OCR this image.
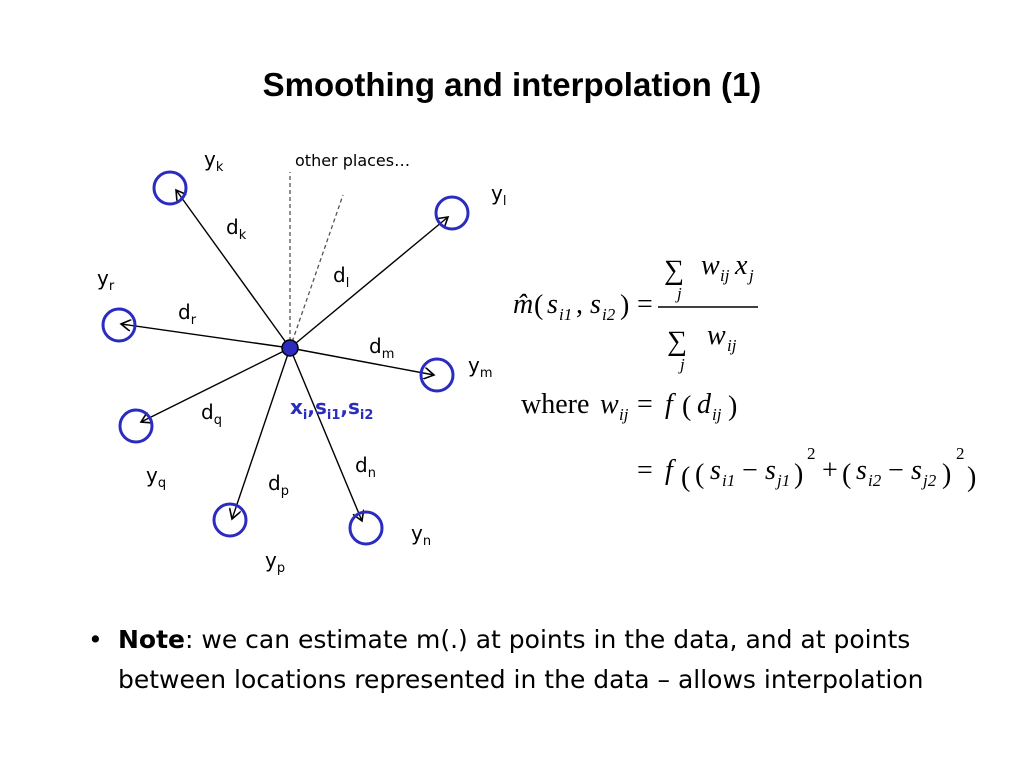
Smoothing and interpolation (1)
other places…
$y_k$
$y_l$
$y_r$
$y_m$
$y_q$
$y_n$
$y_p$
$d_k$
$d_l$
$d_r$
$d_m$
$d_q$
$d_n$
$d_p$
$x_i,s_{i1},s_{i2}$
m̂ ( s i1 , s i2 ) =
∑
j
w ij x j
∑
j
w ij
where w ij = f ( d ij )
= f ( ( s i1 − s j1 )
2
+ ( s i2 − s j2 )
2
)
• Note: we can estimate m(.) at points in the data, and at points between locations represented in the data – allows interpolation
